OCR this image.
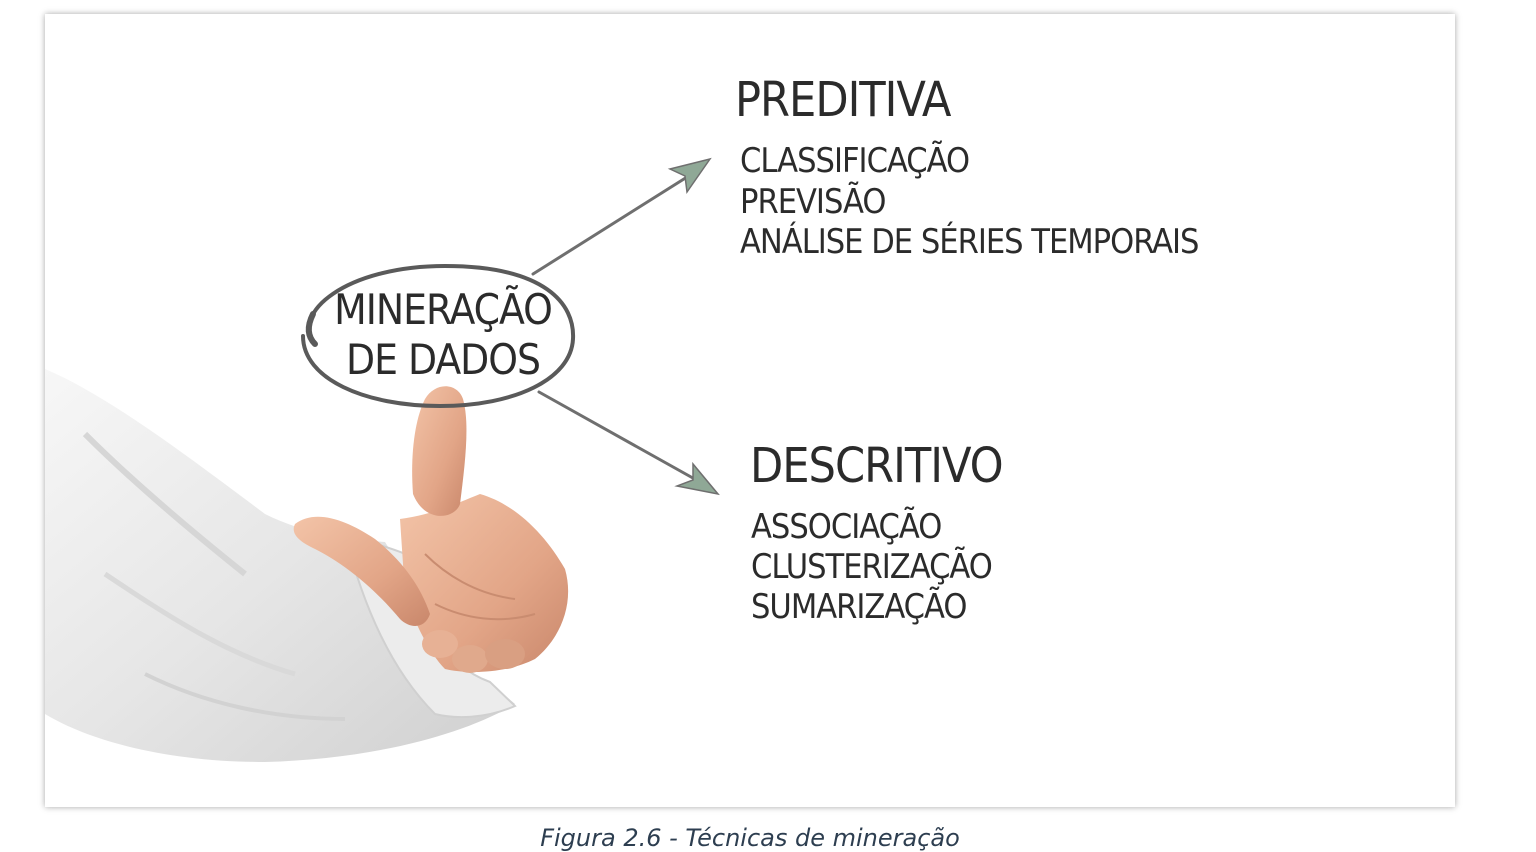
MINERAÇÃO
DE DADOS
PREDITIVA
CLASSIFICAÇÃO
PREVISÃO
ANÁLISE DE SÉRIES TEMPORAIS
DESCRITIVO
ASSOCIAÇÃO
CLUSTERIZAÇÃO
SUMARIZAÇÃO
Figura 2.6 - Técnicas de mineração
